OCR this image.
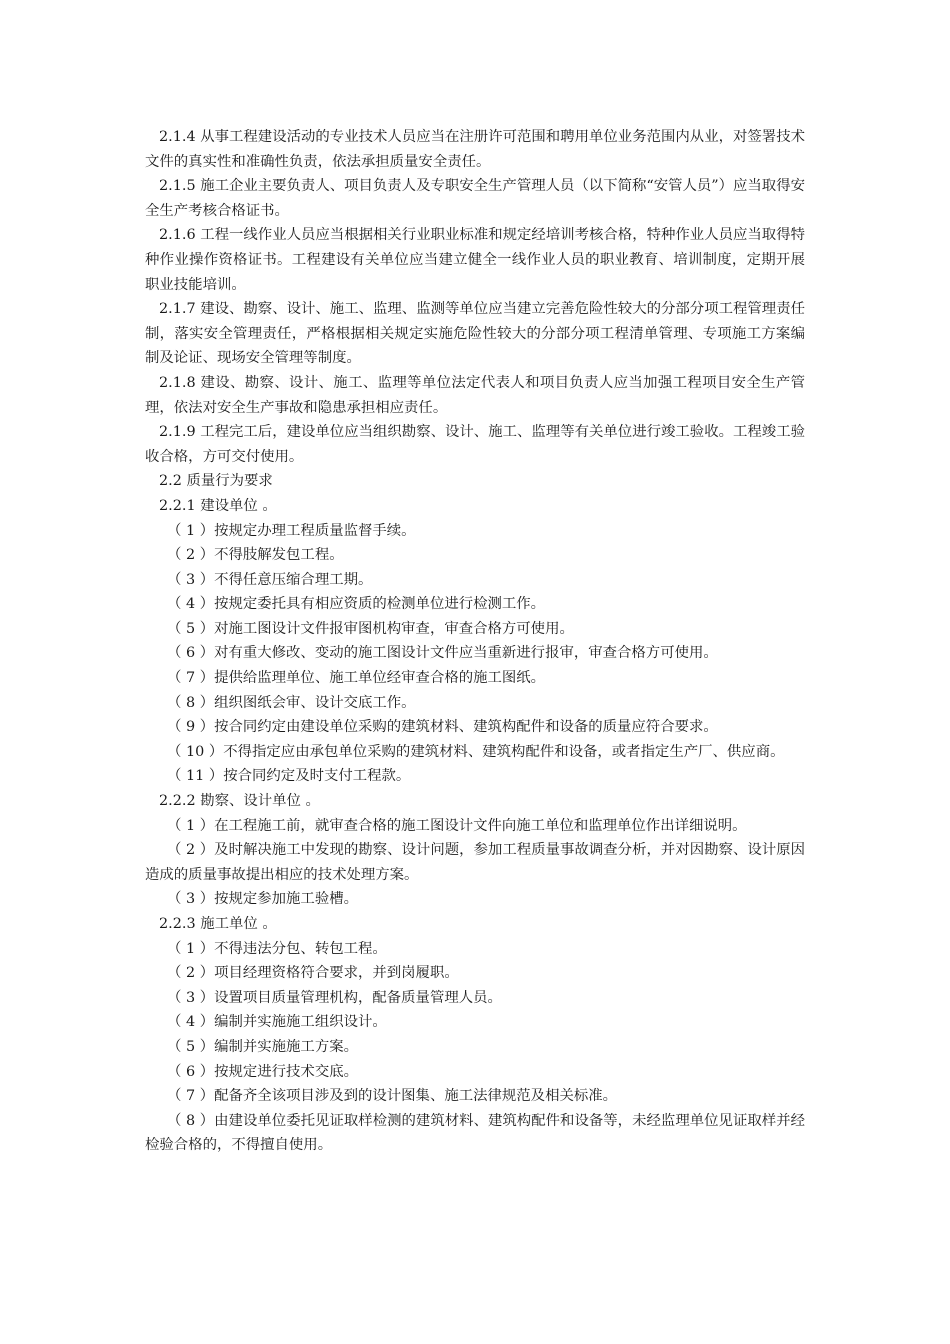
2.1.4 从事工程建设活动的专业技术人员应当在注册许可范围和聘用单位业务范围内从业，对签署技术文件的真实性和准确性负责，依法承担质量安全责任。

2.1.5 施工企业主要负责人、项目负责人及专职安全生产管理人员（以下简称“安管人员”）应当取得安全生产考核合格证书。

2.1.6 工程一线作业人员应当根据相关行业职业标准和规定经培训考核合格，特种作业人员应当取得特种作业操作资格证书。工程建设有关单位应当建立健全一线作业人员的职业教育、培训制度，定期开展职业技能培训。

2.1.7 建设、勘察、设计、施工、监理、监测等单位应当建立完善危险性较大的分部分项工程管理责任制，落实安全管理责任，严格根据相关规定实施危险性较大的分部分项工程清单管理、专项施工方案编制及论证、现场安全管理等制度。

2.1.8 建设、勘察、设计、施工、监理等单位法定代表人和项目负责人应当加强工程项目安全生产管理，依法对安全生产事故和隐患承担相应责任。

2.1.9 工程完工后，建设单位应当组织勘察、设计、施工、监理等有关单位进行竣工验收。工程竣工验收合格，方可交付使用。

2.2 质量行为要求

2.2.1 建设单位 。

（ 1 ）按规定办理工程质量监督手续。

（ 2 ）不得肢解发包工程。

（ 3 ）不得任意压缩合理工期。

（ 4 ）按规定委托具有相应资质的检测单位进行检测工作。

（ 5 ）对施工图设计文件报审图机构审查，审查合格方可使用。

（ 6 ）对有重大修改、变动的施工图设计文件应当重新进行报审，审查合格方可使用。

（ 7 ）提供给监理单位、施工单位经审查合格的施工图纸。

（ 8 ）组织图纸会审、设计交底工作。

（ 9 ）按合同约定由建设单位采购的建筑材料、建筑构配件和设备的质量应符合要求。

（ 10 ）不得指定应由承包单位采购的建筑材料、建筑构配件和设备，或者指定生产厂、供应商。

（ 11 ）按合同约定及时支付工程款。

2.2.2 勘察、设计单位 。

（ 1 ）在工程施工前，就审查合格的施工图设计文件向施工单位和监理单位作出详细说明。

（ 2 ）及时解决施工中发现的勘察、设计问题，参加工程质量事故调查分析，并对因勘察、设计原因造成的质量事故提出相应的技术处理方案。

（ 3 ）按规定参加施工验槽。

2.2.3 施工单位 。

（ 1 ）不得违法分包、转包工程。

（ 2 ）项目经理资格符合要求，并到岗履职。

（ 3 ）设置项目质量管理机构，配备质量管理人员。

（ 4 ）编制并实施施工组织设计。

（ 5 ）编制并实施施工方案。

（ 6 ）按规定进行技术交底。

（ 7 ）配备齐全该项目涉及到的设计图集、施工法律规范及相关标准。

（ 8 ）由建设单位委托见证取样检测的建筑材料、建筑构配件和设备等，未经监理单位见证取样并经检验合格的，不得擅自使用。
